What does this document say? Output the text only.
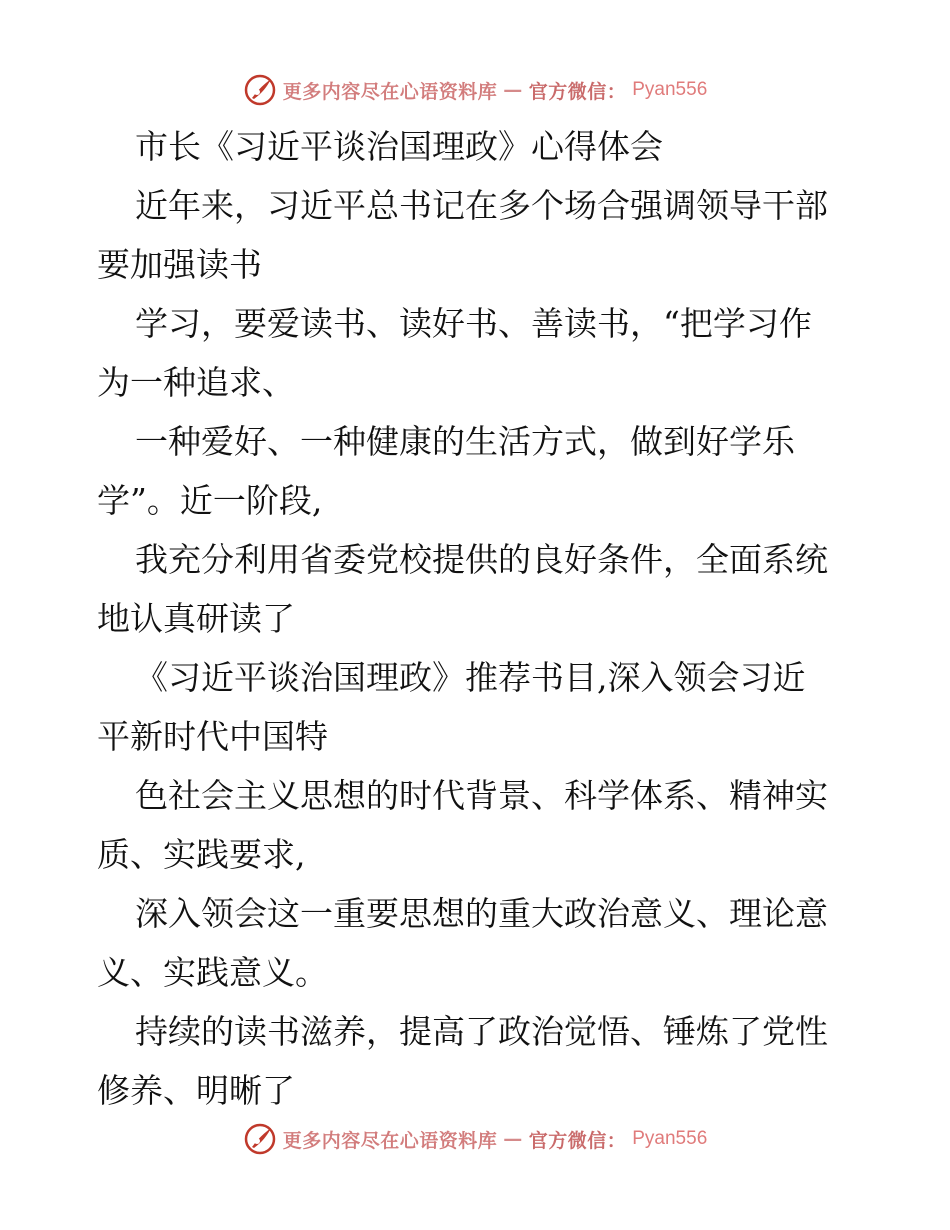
更多内容尽在心语资料库 — 官方微信： Pyan556
市长《习近平谈治国理政》心得体会
近年来，习近平总书记在多个场合强调领导干部
要加强读书
学习，要爱读书、读好书、善读书，“把学习作
为一种追求、
一种爱好、一种健康的生活方式，做到好学乐
学”。近一阶段,
我充分利用省委党校提供的良好条件，全面系统
地认真研读了
《习近平谈治国理政》推荐书目,深入领会习近
平新时代中国特
色社会主义思想的时代背景、科学体系、精神实
质、实践要求,
深入领会这一重要思想的重大政治意义、理论意
义、实践意义。
持续的读书滋养，提高了政治觉悟、锤炼了党性
修养、明晰了
更多内容尽在心语资料库 — 官方微信： Pyan556
